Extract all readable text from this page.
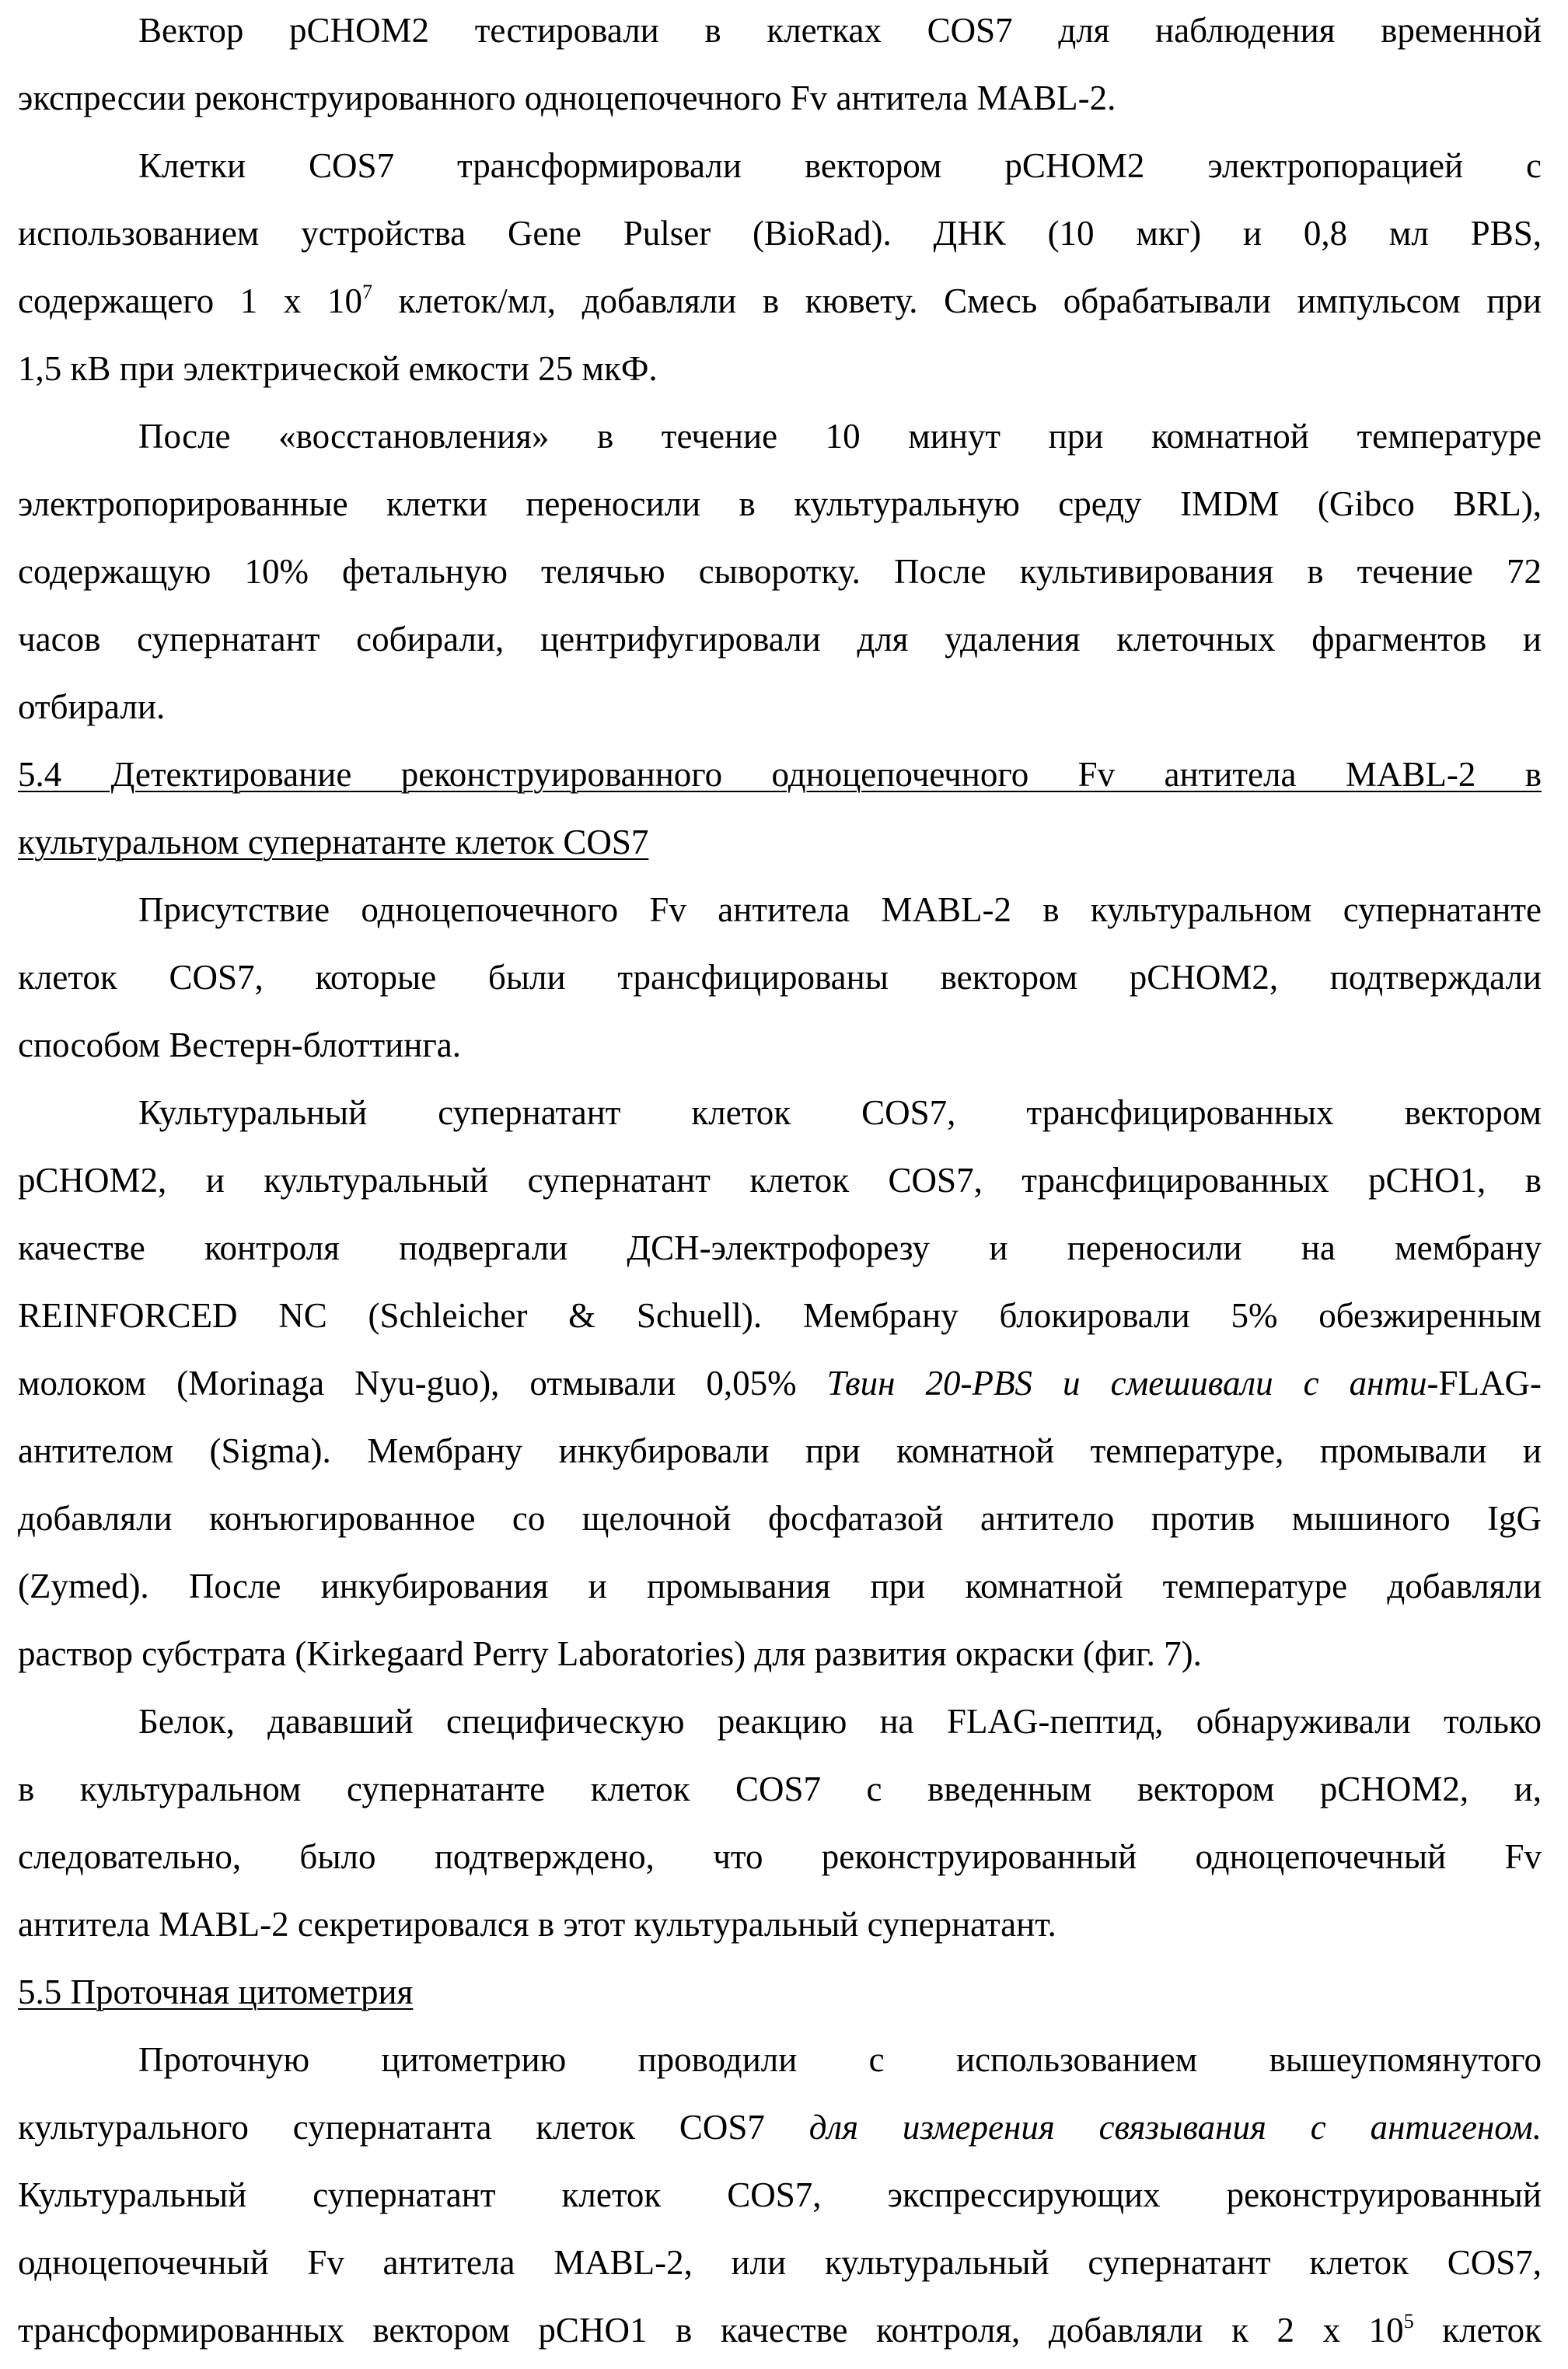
Вектор pCHOM2 тестировали в клетках COS7 для наблюдения временной
экспрессии реконструированного одноцепочечного Fv антитела MABL-2.
Клетки COS7 трансформировали вектором pCHOM2 электропорацией с
использованием устройства Gene Pulser (BioRad). ДНК (10 мкг) и 0,8 мл PBS,
содержащего 1 x 107 клеток/мл, добавляли в кювету. Смесь обрабатывали импульсом при
1,5 кВ при электрической емкости 25 мкФ.
После «восстановления» в течение 10 минут при комнатной температуре
электропорированные клетки переносили в культуральную среду IMDM (Gibco BRL),
содержащую 10% фетальную телячью сыворотку. После культивирования в течение 72
часов супернатант собирали, центрифугировали для удаления клеточных фрагментов и
отбирали.
5.4 Детектирование реконструированного одноцепочечного Fv антитела MABL-2 в
культуральном супернатанте клеток COS7
Присутствие одноцепочечного Fv антитела MABL-2 в культуральном супернатанте
клеток COS7, которые были трансфицированы вектором pCHOM2, подтверждали
способом Вестерн-блоттинга.
Культуральный супернатант клеток COS7, трансфицированных вектором
pCHOM2, и культуральный супернатант клеток COS7, трансфицированных pCHO1, в
качестве контроля подвергали ДСН-электрофорезу и переносили на мембрану
REINFORCED NC (Schleicher & Schuell). Мембрану блокировали 5% обезжиренным
молоком (Morinaga Nyu-guo), отмывали 0,05% Твин 20-PBS и смешивали с анти-FLAG-
антителом (Sigma). Мембрану инкубировали при комнатной температуре, промывали и
добавляли конъюгированное со щелочной фосфатазой антитело против мышиного IgG
(Zymed). После инкубирования и промывания при комнатной температуре добавляли
раствор субстрата (Kirkegaard Perry Laboratories) для развития окраски (фиг. 7).
Белок, дававший специфическую реакцию на FLAG-пептид, обнаруживали только
в культуральном супернатанте клеток COS7 с введенным вектором pCHOM2, и,
следовательно, было подтверждено, что реконструированный одноцепочечный Fv
антитела MABL-2 секретировался в этот культуральный супернатант.
5.5 Проточная цитометрия
Проточную цитометрию проводили с использованием вышеупомянутого
культурального супернатанта клеток COS7 для измерения связывания с антигеном.
Культуральный супернатант клеток COS7, экспрессирующих реконструированный
одноцепочечный Fv антитела MABL-2, или культуральный супернатант клеток COS7,
трансформированных вектором pCHO1 в качестве контроля, добавляли к 2 x 105 клеток
